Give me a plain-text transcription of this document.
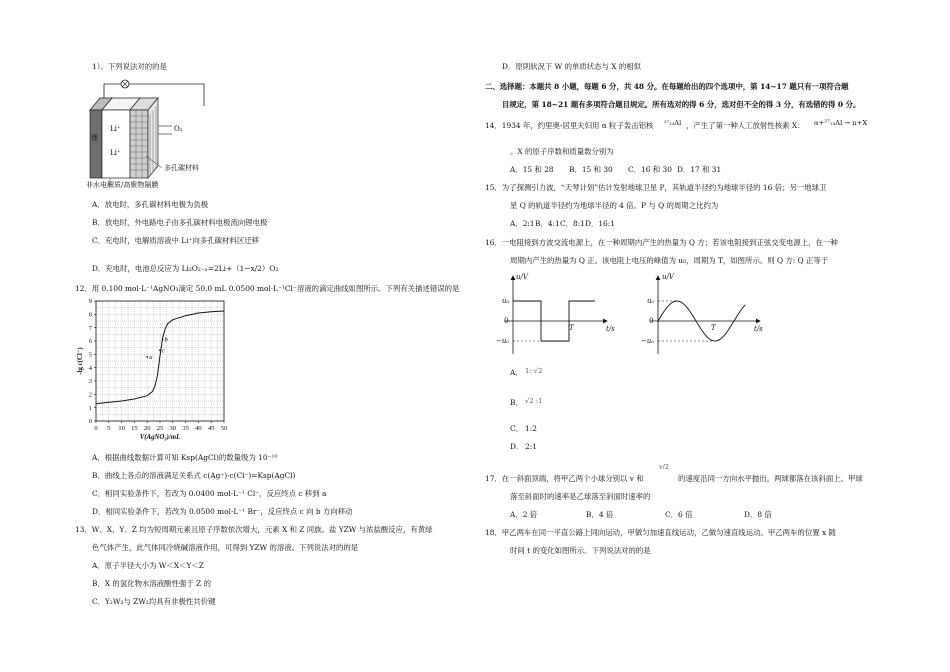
1）。下列说法对的的是
锂
Li⁺
Li⁺
O₂
多孔碳材料
非水电解质/高聚物隔膜
A．放电时，多孔碳材料电极为负极
B．放电时，外电路电子由多孔碳材料电极流向锂电极
C．充电时，电解质溶液中 Li⁺向多孔碳材料区迁移
D．充电时，电池总反应为 Li₂O₂₋ₓ=2Li+（1−x/2）O₂
12．用 0.100 mol·L⁻¹AgNO₃滴定 50.0 mL 0.0500 mol·L⁻¹Cl⁻溶液的滴定曲线如图所示。下列有关描述错误的是
0 5 10 15 20 25 30 35 40 45 50
0
1
2
3
4
5
6
7
8
9
V(AgNO₃)/mL
-lg c(Cl⁻)	a
b
c
A．根据曲线数据计算可知 Ksp(AgCl)的数量级为 10⁻¹⁰
B．曲线上各点的溶液满足关系式 c(Ag⁺)·c(Cl⁻)=Ksp(AgCl)
C．相同实验条件下，若改为 0.0400 mol·L⁻¹ Cl⁻，反应终点 c 移到 a
D．相同实验条件下，若改为 0.0500 mol·L⁻¹ Br⁻，反应终点 c 向 b 方向移动
13．W、X、Y、Z 均为短周期元素且原子序数依次增大，元素 X 和 Z 同族。盐 YZW 与浓盐酸反应，有黄绿
色气体产生，此气体同冷烧碱溶液作用，可得到 YZW 的溶液。下列说法对的的是
A．原子半径大小为 W＜X＜Y＜Z
B．X 的氢化物水溶液酸性强于 Z 的
C．Y₂W₂与 ZW₂均具有非极性共价键
D．原則狀況下 W 的单质状态与 X 的相似
二、选择题：本题共 8 小题，每题 6 分，共 48 分。在每题给出的四个选项中，第 14~17 题只有一项符合题
目规定，第 18~21 题有多项符合题目规定。所有选对的得 6 分，选对但不全的得 3 分，有选错的得 0 分。
14．1934 年，约里奥-居里夫妇用 α 粒子轰击铝核 ²⁷₁₃Al ，产生了第一种人工放射性核素 X： α+²⁷₁₃Al → n+X
。X 的原子序数和质量数分别为
A．15 和 28 B．15 和 30 C．16 和 30 D．17 和 31
15．为了探测引力波，“天琴计划”估计发射地球卫星 P，其轨道半径约为地球半径的 16 倍；另一地球卫
星 Q 的轨道半径约为地球半径的 4 倍。P 与 Q 的周期之比约为
A．2:1 B．4:1 C．8:1 D．16:1
16．一电阻接到方波交流电源上，在一种周期内产生的热量为 Q 方；若该电阻接到正弦交变电源上，在一种
周期内产生的热量为 Q 正。该电阻上电压的峰值为 u₀，周期为 T，如图所示。则 Q 方: Q 正等于
u/V
u₀
0
−u₀
T	t/s
u/V
u₀
0
−u₀
T	t/s
A． 1: √2
B． √2 :1
C． 1:2
D． 2:1
17．在一斜面顶端，将甲乙两个小球分别以 v 和
v/2
的速度沿同一方向水平抛出，两球都落在该斜面上。甲球
落至斜面时的速率是乙球落至斜面时速率的
A．2 倍	B．4 倍	C．6 倍	D．8 倍
18．甲乙两车在同一平直公路上同向运动，甲做匀加速直线运动，乙做匀速直线运动。甲乙两车的位置 x 随
时间 t 的变化如图所示。下列说法对的的是
